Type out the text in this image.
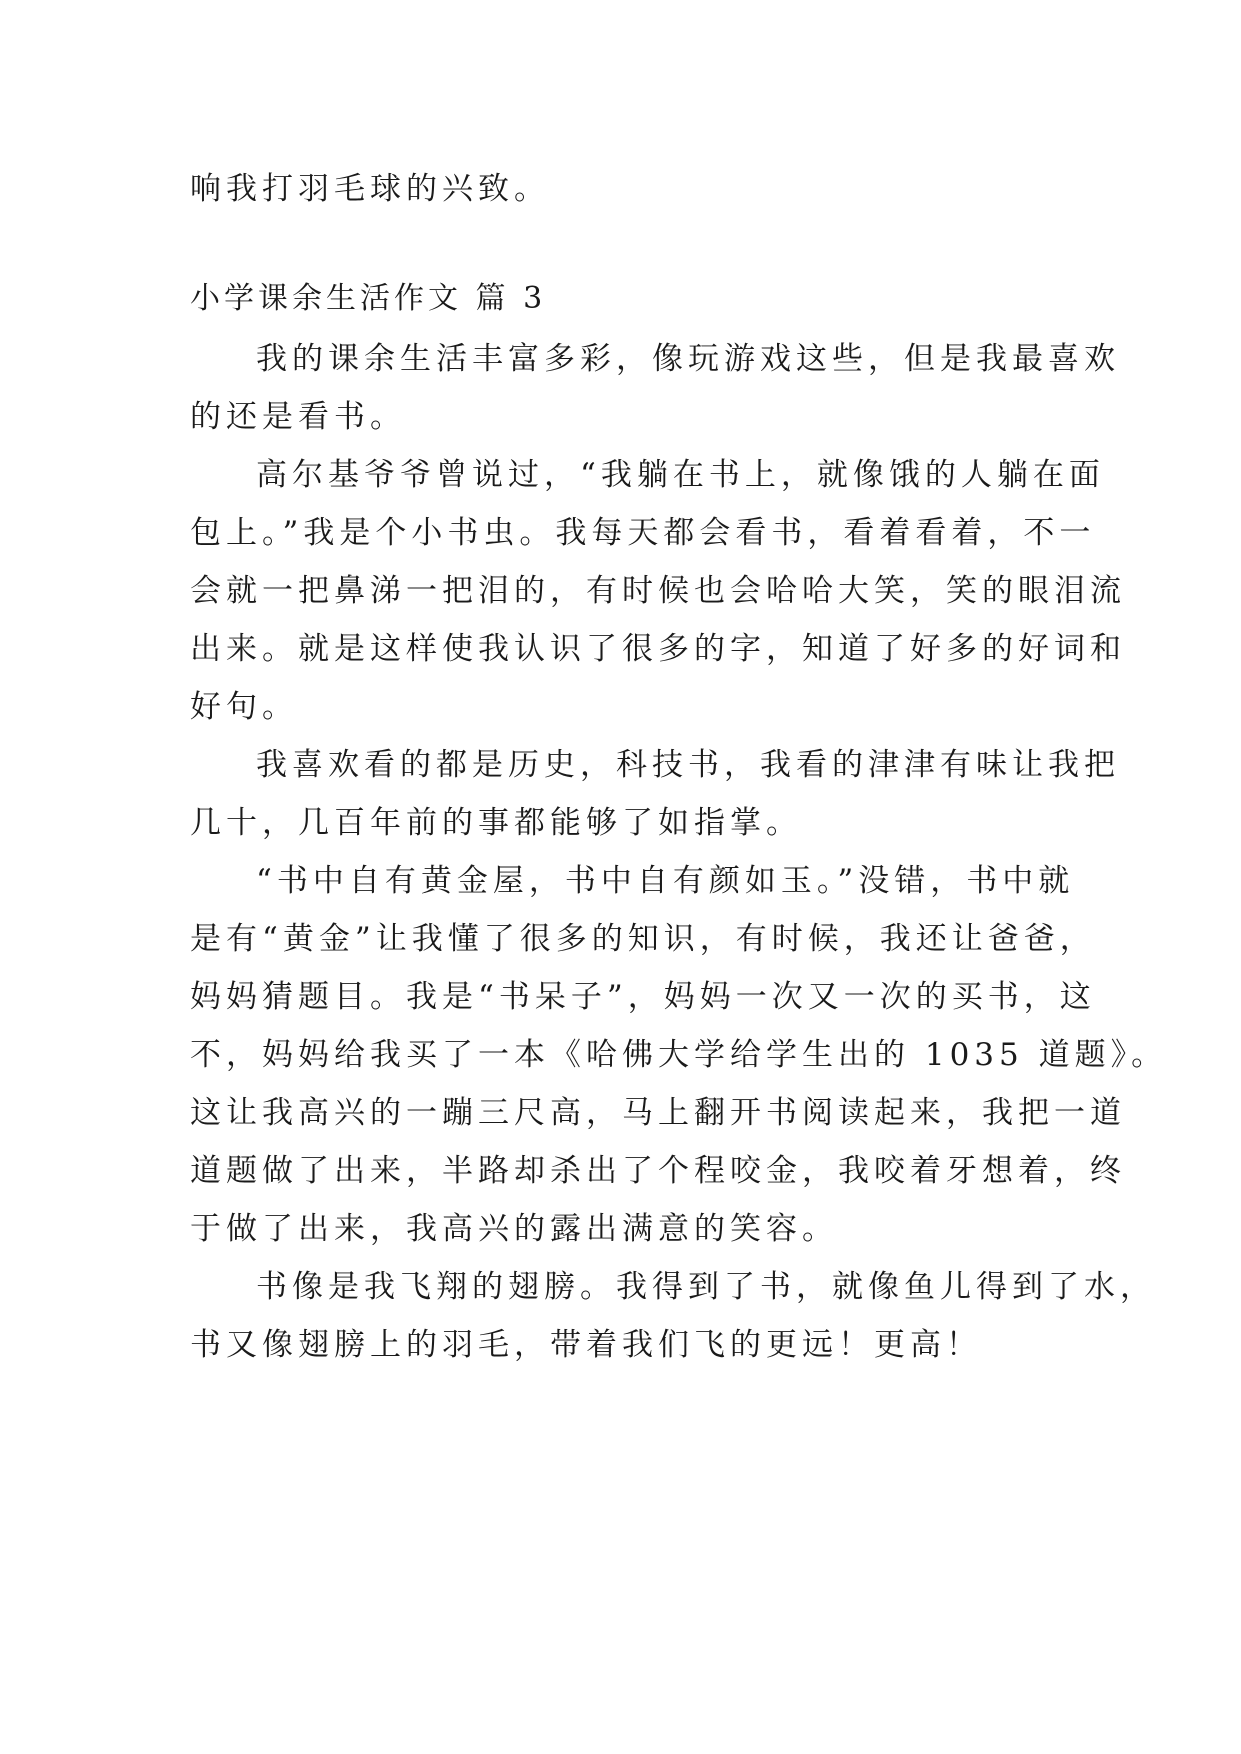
响我打羽毛球的兴致。
小学课余生活作文 篇 3
我的课余生活丰富多彩，像玩游戏这些，但是我最喜欢
的还是看书。
高尔基爷爷曾说过，“我躺在书上，就像饿的人躺在面
包上。”我是个小书虫。我每天都会看书，看着看着，不一
会就一把鼻涕一把泪的，有时候也会哈哈大笑，笑的眼泪流
出来。就是这样使我认识了很多的字，知道了好多的好词和
好句。
我喜欢看的都是历史，科技书，我看的津津有味让我把
几十，几百年前的事都能够了如指掌。
“书中自有黄金屋，书中自有颜如玉。”没错，书中就
是有“黄金”让我懂了很多的知识，有时候，我还让爸爸，
妈妈猜题目。我是“书呆子”，妈妈一次又一次的买书，这
不，妈妈给我买了一本《哈佛大学给学生出的 1035 道题》。
这让我高兴的一蹦三尺高，马上翻开书阅读起来，我把一道
道题做了出来，半路却杀出了个程咬金，我咬着牙想着，终
于做了出来，我高兴的露出满意的笑容。
书像是我飞翔的翅膀。我得到了书，就像鱼儿得到了水，
书又像翅膀上的羽毛，带着我们飞的更远！更高！
